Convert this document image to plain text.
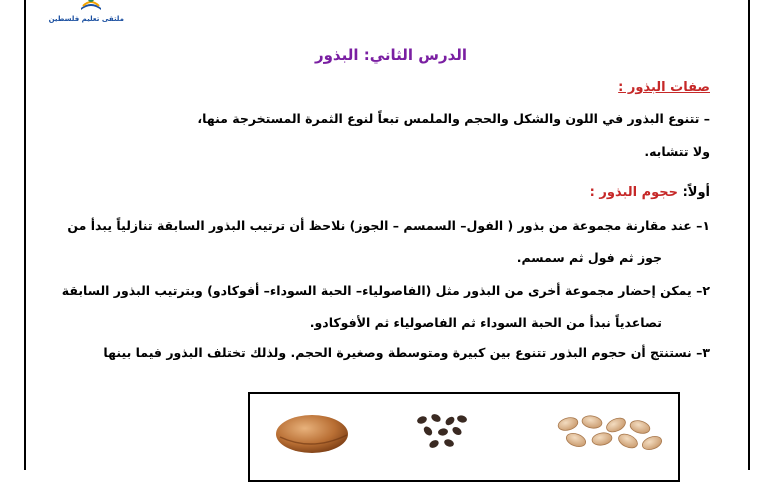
ملتقى تعليم فلسطين
الدرس الثاني: البذور
صفات البذور :
– تتنوع البذور في اللون والشكل والحجم والملمس تبعاً لنوع الثمرة المستخرجة منها،
ولا تتشابه.
أولاً: حجوم البذور :
١– عند مقارنة مجموعة من بذور ( الفول– السمسم – الجوز) نلاحظ أن ترتيب البذور السابقة تنازلياً يبدأ من
جوز ثم فول ثم سمسم.
٢– يمكن إحضار مجموعة أخرى من البذور مثل (الفاصولياء– الحبة السوداء– أفوكادو) وبترتيب البذور السابقة
تصاعدياً نبدأ من الحبة السوداء ثم الفاصولياء ثم الأفوكادو.
٣– نستنتج أن حجوم البذور تتنوع بين كبيرة ومتوسطة وصغيرة الحجم. ولذلك تختلف البذور فيما بينها
